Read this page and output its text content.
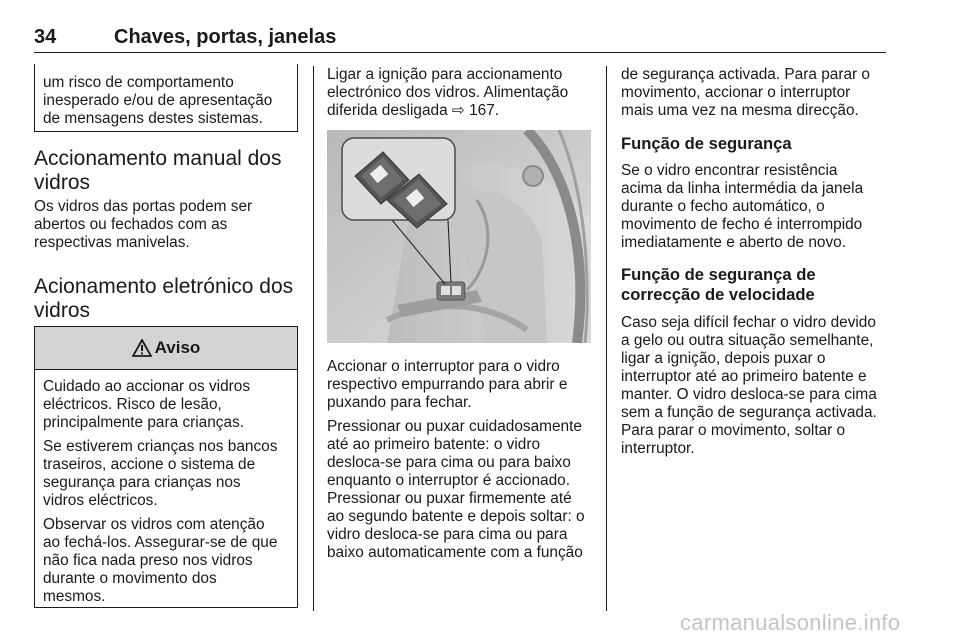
34	Chaves, portas, janelas

um risco de comportamento

inesperado e/ou de apresentação

de mensagens destes sistemas.

Accionamento manual dos
vidros
Os vidros das portas podem ser
abertos ou fechados com as
respectivas manivelas.
Acionamento eletrónico dos
vidros
Aviso

Cuidado ao accionar os vidros
eléctricos. Risco de lesão,
principalmente para crianças.

Se estiverem crianças nos bancos
traseiros, accione o sistema de
segurança para crianças nos
vidros eléctricos.

Observar os vidros com atenção
ao fechá-los. Assegurar-se de que
não fica nada preso nos vidros
durante o movimento dos
mesmos.

Ligar a ignição para accionamento
electrónico dos vidros. Alimentação
diferida desligada ⇨ 167.
Accionar o interruptor para o vidro
respectivo empurrando para abrir e
puxando para fechar.
Pressionar ou puxar cuidadosamente
até ao primeiro batente: o vidro
desloca-se para cima ou para baixo
enquanto o interruptor é accionado.
Pressionar ou puxar firmemente até
ao segundo batente e depois soltar: o
vidro desloca-se para cima ou para
baixo automaticamente com a função
de segurança activada. Para parar o
movimento, accionar o interruptor
mais uma vez na mesma direcção.
Função de segurança
Se o vidro encontrar resistência
acima da linha intermédia da janela
durante o fecho automático, o
movimento de fecho é interrompido
imediatamente e aberto de novo.
Função de segurança de
correcção de velocidade
Caso seja difícil fechar o vidro devido
a gelo ou outra situação semelhante,
ligar a ignição, depois puxar o
interruptor até ao primeiro batente e
manter. O vidro desloca-se para cima
sem a função de segurança activada.
Para parar o movimento, soltar o
interruptor.
carmanualsonline.info
